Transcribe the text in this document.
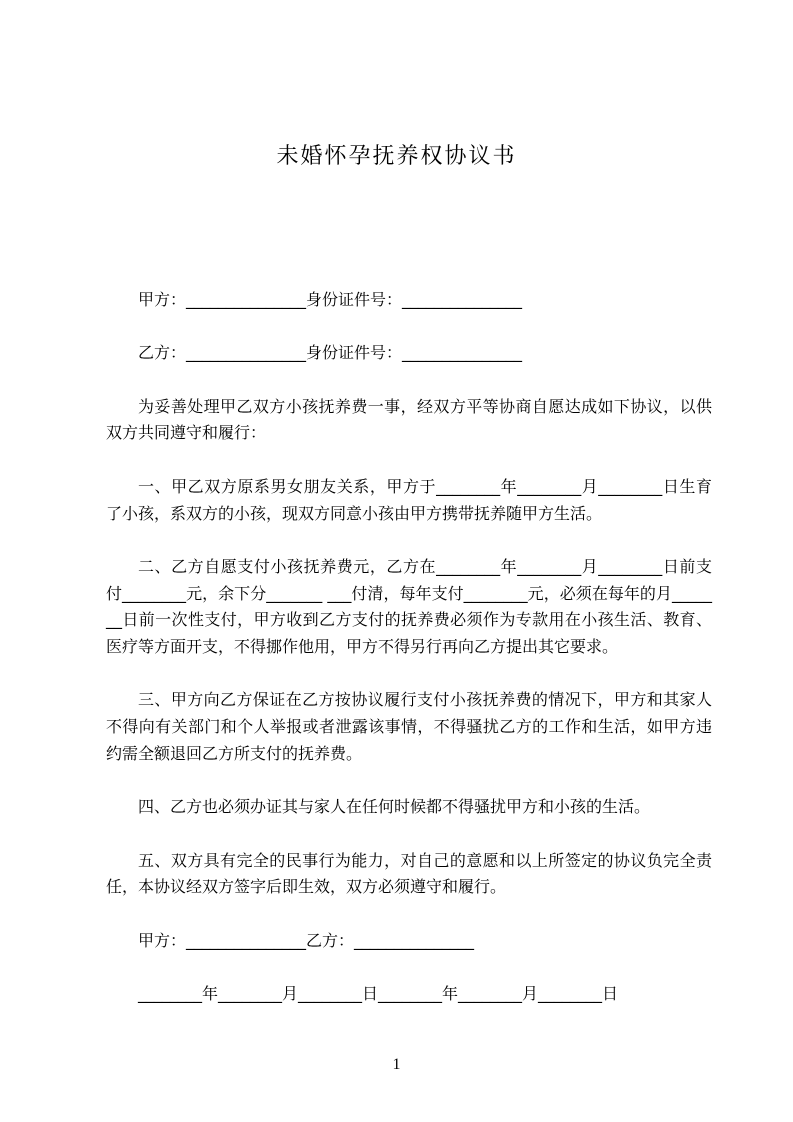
未婚怀孕抚养权协议书
甲方：_______________身份证件号：_______________
乙方：_______________身份证件号：_______________
为妥善处理甲乙双方小孩抚养费一事，经双方平等协商自愿达成如下协议，以供
双方共同遵守和履行：
一、甲乙双方原系男女朋友关系，甲方于________年________月________日生育
了小孩，系双方的小孩，现双方同意小孩由甲方携带抚养随甲方生活。
二、乙方自愿支付小孩抚养费元，乙方在________年________月________日前支
付________元，余下分_______ ___付清，每年支付________元，必须在每年的月_____
__日前一次性支付，甲方收到乙方支付的抚养费必须作为专款用在小孩生活、教育、
医疗等方面开支，不得挪作他用，甲方不得另行再向乙方提出其它要求。
三、甲方向乙方保证在乙方按协议履行支付小孩抚养费的情况下，甲方和其家人
不得向有关部门和个人举报或者泄露该事情，不得骚扰乙方的工作和生活，如甲方违
约需全额退回乙方所支付的抚养费。
四、乙方也必须办证其与家人在任何时候都不得骚扰甲方和小孩的生活。
五、双方具有完全的民事行为能力，对自己的意愿和以上所签定的协议负完全责
任，本协议经双方签字后即生效，双方必须遵守和履行。
甲方：_______________乙方：_______________
________年________月________日________年________月________日
1
